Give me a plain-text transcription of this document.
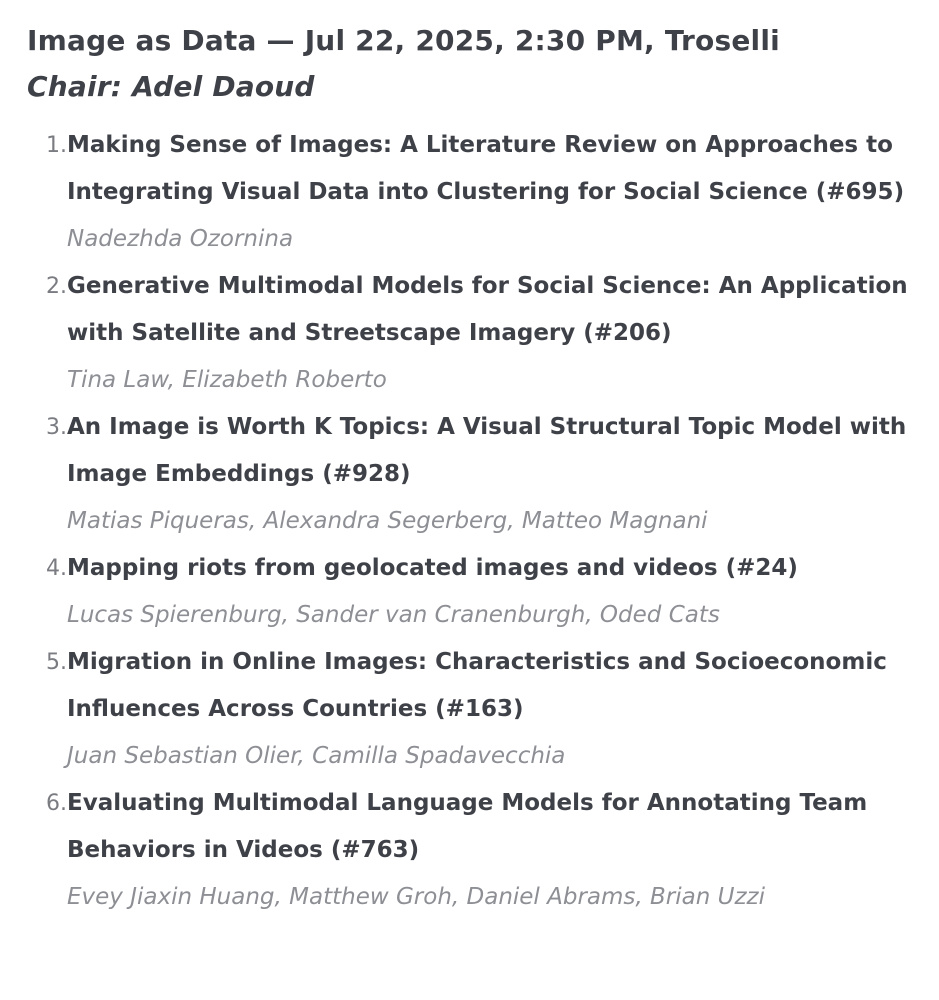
Image as Data — Jul 22, 2025, 2:30 PM, Troselli

Chair: Adel Daoud

1. Making Sense of Images: A Literature Review on Approaches to Integrating Visual Data into Clustering for Social Science (#695)
Nadezhda Ozornina
2. Generative Multimodal Models for Social Science: An Application with Satellite and Streetscape Imagery (#206)
Tina Law, Elizabeth Roberto
3. An Image is Worth K Topics: A Visual Structural Topic Model with Image Embeddings (#928)
Matias Piqueras, Alexandra Segerberg, Matteo Magnani
4. Mapping riots from geolocated images and videos (#24)
Lucas Spierenburg, Sander van Cranenburgh, Oded Cats
5. Migration in Online Images: Characteristics and Socioeconomic Influences Across Countries (#163)
Juan Sebastian Olier, Camilla Spadavecchia
6. Evaluating Multimodal Language Models for Annotating Team Behaviors in Videos (#763)
Evey Jiaxin Huang, Matthew Groh, Daniel Abrams, Brian Uzzi
